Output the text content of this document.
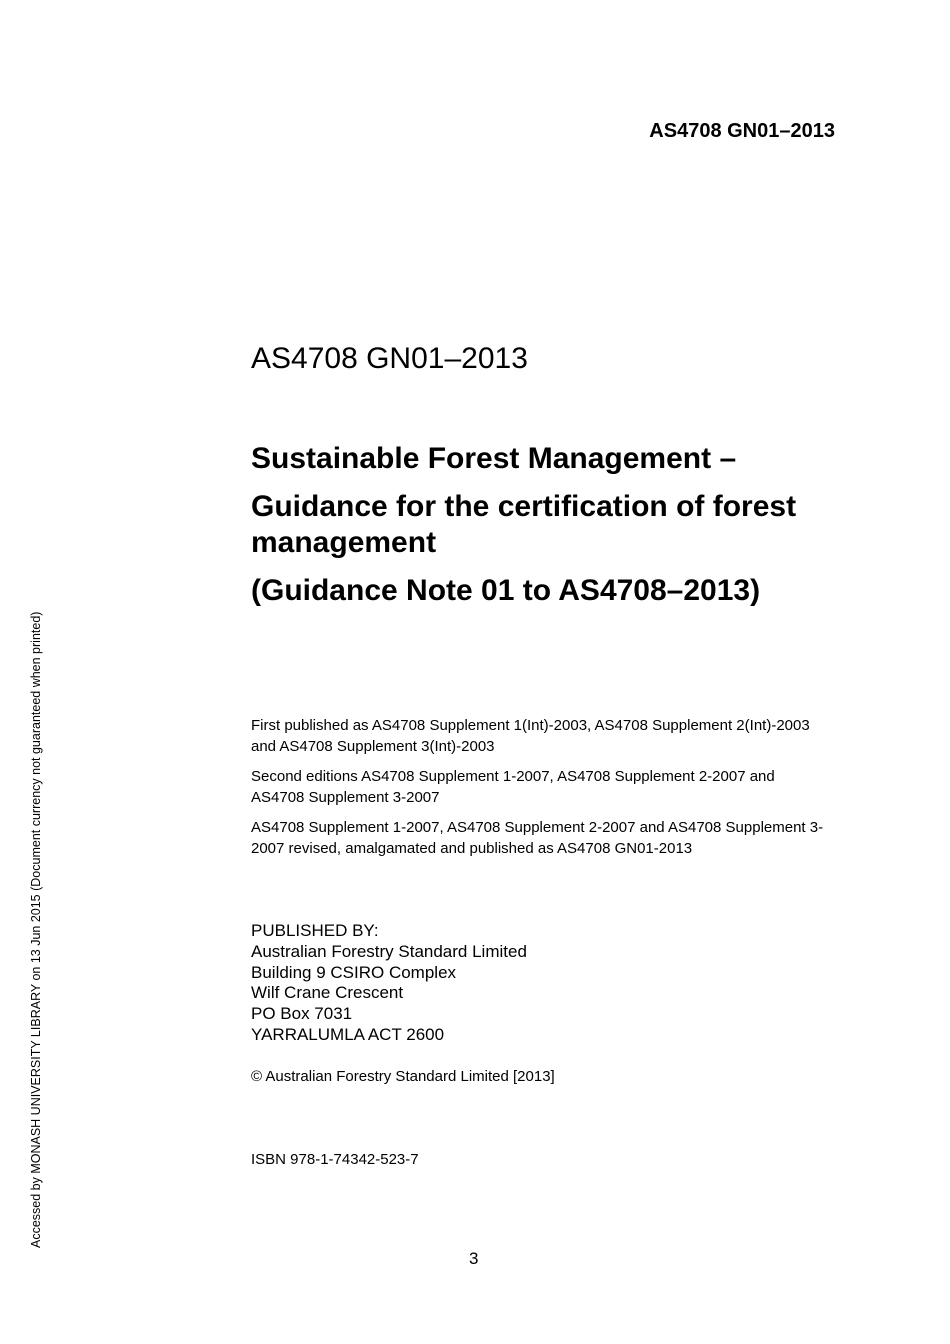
AS4708 GN01–2013
AS4708 GN01–2013
Sustainable Forest Management –
Guidance for the certification of forest management
(Guidance Note 01 to AS4708–2013)

First published as AS4708 Supplement 1(Int)-2003, AS4708 Supplement 2(Int)-2003 and AS4708 Supplement 3(Int)-2003

Second editions AS4708 Supplement 1-2007, AS4708 Supplement 2-2007 and AS4708 Supplement 3-2007

AS4708 Supplement 1-2007, AS4708 Supplement 2-2007 and AS4708 Supplement 3-2007 revised, amalgamated and published as AS4708 GN01-2013

PUBLISHED BY:
Australian Forestry Standard Limited
Building 9 CSIRO Complex
Wilf Crane Crescent
PO Box 7031
YARRALUMLA ACT 2600
© Australian Forestry Standard Limited [2013]
ISBN 978-1-74342-523-7
3
Accessed by MONASH UNIVERSITY LIBRARY on 13 Jun 2015 (Document currency not guaranteed when printed)
